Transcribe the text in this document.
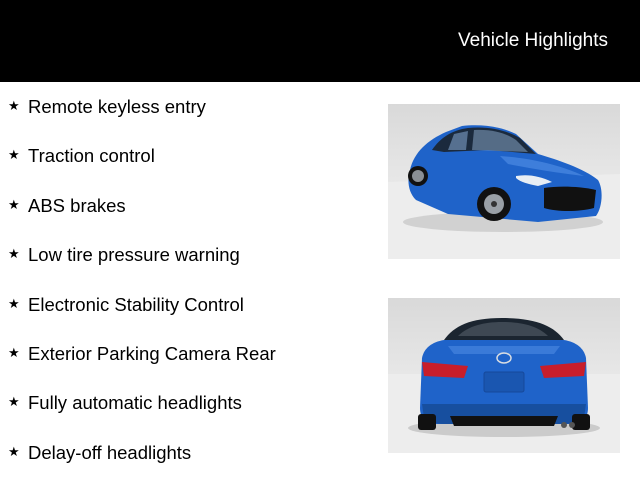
Vehicle Highlights
★ Remote keyless entry
★ Traction control
★ ABS brakes
★ Low tire pressure warning
★ Electronic Stability Control
★ Exterior Parking Camera Rear
★ Fully automatic headlights
★ Delay-off headlights
